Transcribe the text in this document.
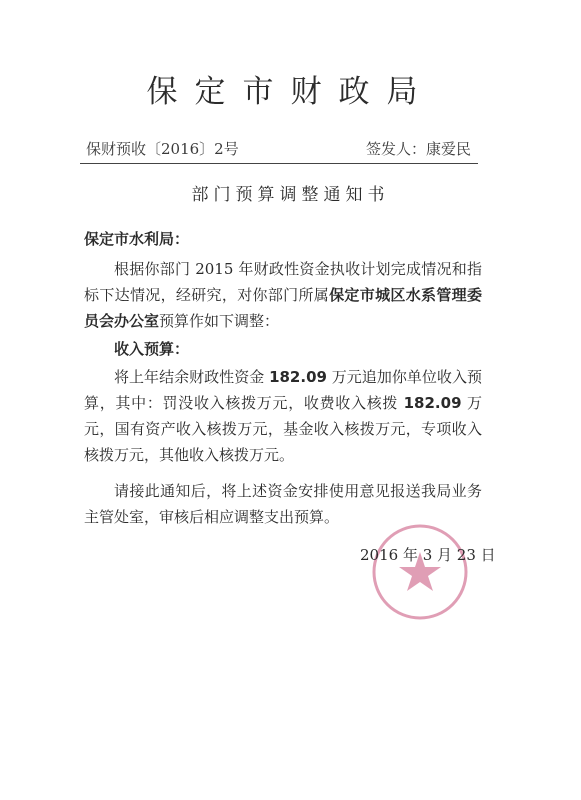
保定市财政局
保财预收〔2016〕2号	签发人：康爱民
部门预算调整通知书

保定市水利局：

根据你部门 2015 年财政性资金执收计划完成情况和指标下达情况，经研究，对你部门所属保定市城区水系管理委员会办公室预算作如下调整：

收入预算：

将上年结余财政性资金 182.09 万元追加你单位收入预算，其中：罚没收入核拨万元，收费收入核拨 182.09 万元，国有资产收入核拨万元，基金收入核拨万元，专项收入核拨万元，其他收入核拨万元。

请接此通知后，将上述资金安排使用意见报送我局业务主管处室，审核后相应调整支出预算。

2016 年 3 月 23 日
